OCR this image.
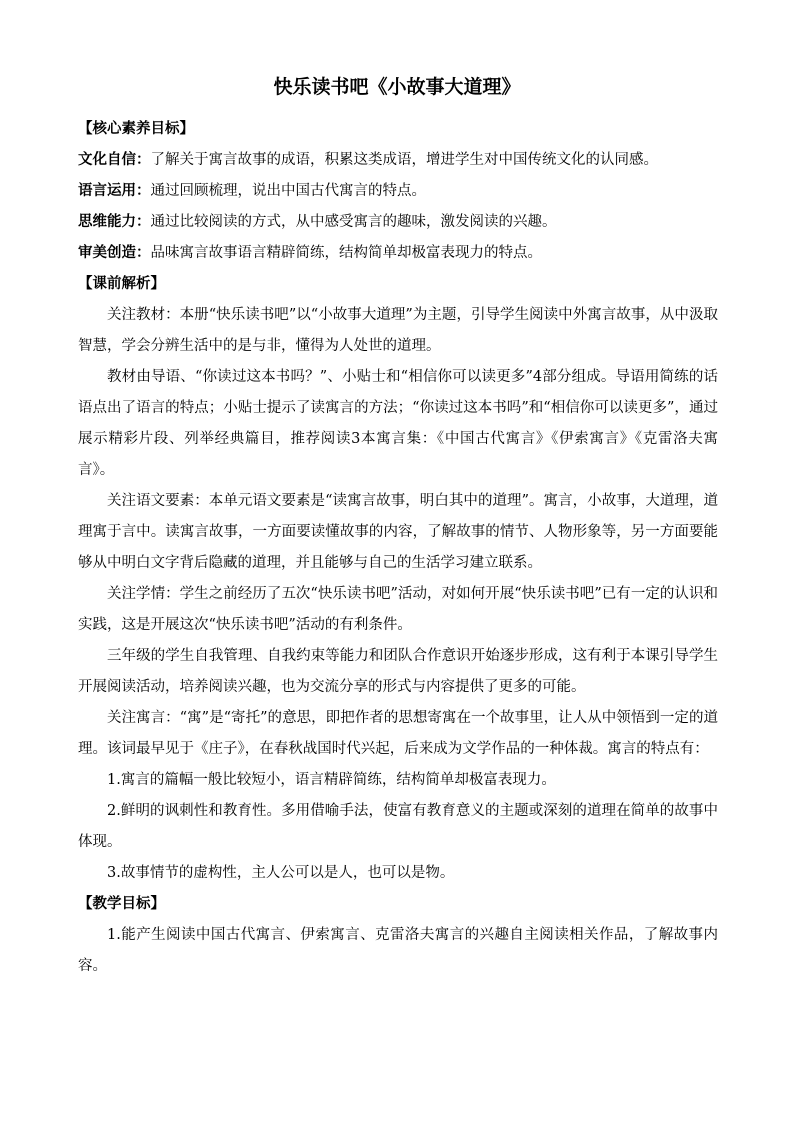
快乐读书吧《小故事大道理》
【核心素养目标】
文化自信：了解关于寓言故事的成语，积累这类成语，增进学生对中国传统文化的认同感。
语言运用：通过回顾梳理，说出中国古代寓言的特点。
思维能力：通过比较阅读的方式，从中感受寓言的趣味，激发阅读的兴趣。
审美创造：品味寓言故事语言精辟简练，结构简单却极富表现力的特点。
【课前解析】
关注教材：本册“快乐读书吧”以“小故事大道理”为主题，引导学生阅读中外寓言故事，从中汲取智慧，学会分辨生活中的是与非，懂得为人处世的道理。
教材由导语、“你读过这本书吗？”、小贴士和“相信你可以读更多”4部分组成。导语用简练的话语点出了语言的特点；小贴士提示了读寓言的方法；“你读过这本书吗”和“相信你可以读更多”，通过展示精彩片段、列举经典篇目，推荐阅读3本寓言集：《中国古代寓言》《伊索寓言》《克雷洛夫寓言》。
关注语文要素：本单元语文要素是“读寓言故事，明白其中的道理”。寓言，小故事，大道理，道理寓于言中。读寓言故事，一方面要读懂故事的内容，了解故事的情节、人物形象等，另一方面要能够从中明白文字背后隐藏的道理，并且能够与自己的生活学习建立联系。
关注学情：学生之前经历了五次“快乐读书吧”活动，对如何开展“快乐读书吧”已有一定的认识和实践，这是开展这次“快乐读书吧”活动的有利条件。
三年级的学生自我管理、自我约束等能力和团队合作意识开始逐步形成，这有利于本课引导学生开展阅读活动，培养阅读兴趣，也为交流分享的形式与内容提供了更多的可能。
关注寓言：“寓”是“寄托”的意思，即把作者的思想寄寓在一个故事里，让人从中领悟到一定的道理。该词最早见于《庄子》，在春秋战国时代兴起，后来成为文学作品的一种体裁。寓言的特点有：
1.寓言的篇幅一般比较短小，语言精辟简练，结构简单却极富表现力。
2.鲜明的讽刺性和教育性。多用借喻手法，使富有教育意义的主题或深刻的道理在简单的故事中体现。
3.故事情节的虚构性，主人公可以是人，也可以是物。
【教学目标】
1.能产生阅读中国古代寓言、伊索寓言、克雷洛夫寓言的兴趣自主阅读相关作品，了解故事内容。
